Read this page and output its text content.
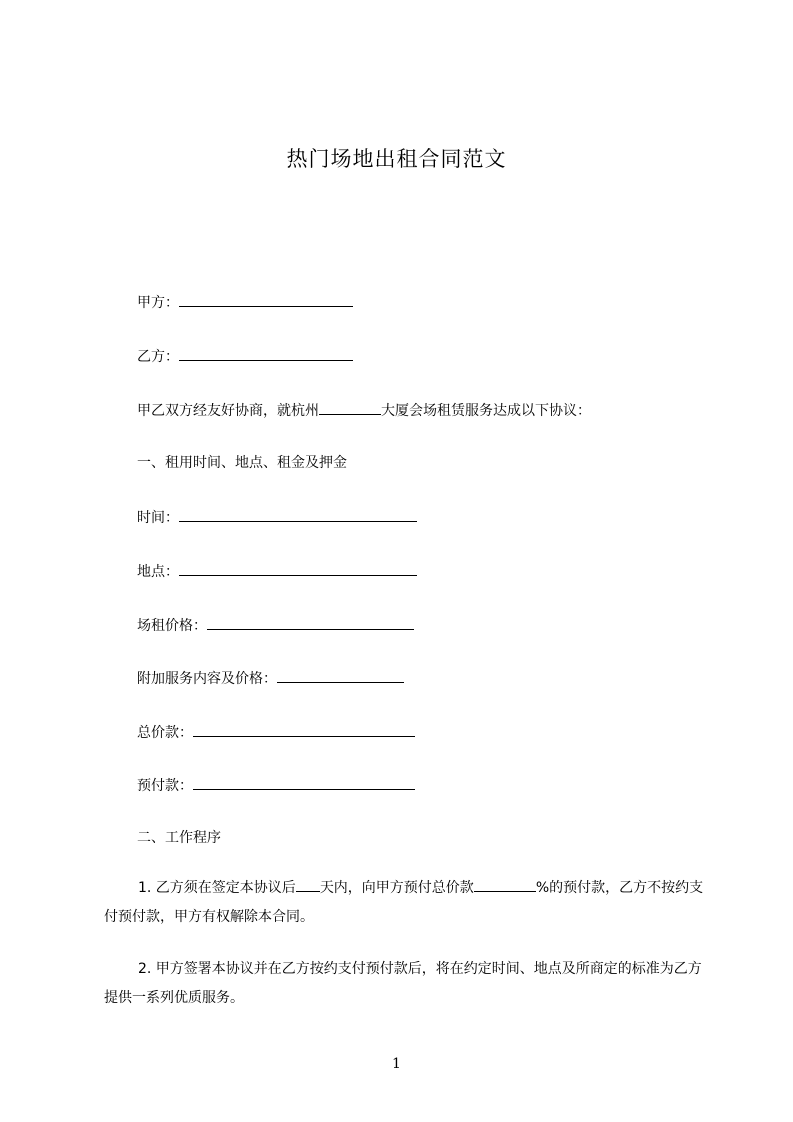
热门场地出租合同范文
甲方：
乙方：
甲乙双方经友好协商，就杭州	大厦会场租赁服务达成以下协议：
一、租用时间、地点、租金及押金
时间：
地点：
场租价格：
附加服务内容及价格：
总价款：
预付款：
二、工作程序
1. 乙方须在签定本协议后 天内，向甲方预付总价款	%的预付款，乙方不按约支付预付款，甲方有权解除本合同。
2. 甲方签署本协议并在乙方按约支付预付款后，将在约定时间、地点及所商定的标准为乙方提供一系列优质服务。
1
